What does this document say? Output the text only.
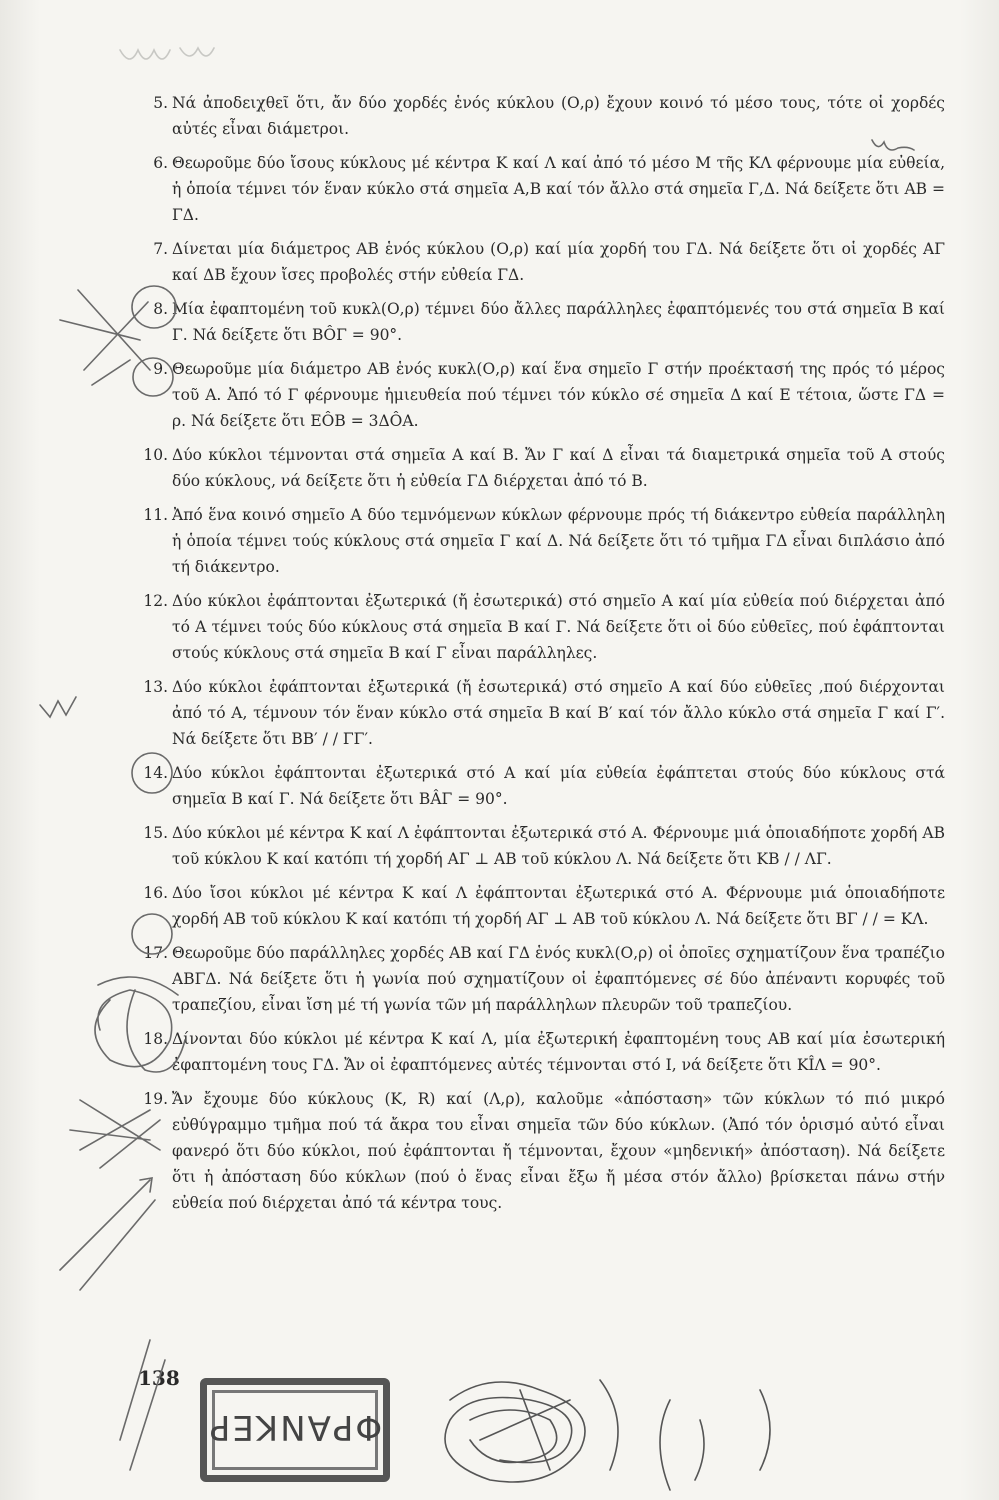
5. Νά ἀποδειχθεῖ ὅτι, ἄν δύο χορδές ἑνός κύκλου (Ο,ρ) ἔχουν κοινό τό μέσο τους, τότε οἱ χορδές αὐτές εἶναι διάμετροι.
6. Θεωροῦμε δύο ἴσους κύκλους μέ κέντρα Κ καί Λ καί ἀπό τό μέσο Μ τῆς ΚΛ φέρνουμε μία εὐθεία, ἡ ὁποία τέμνει τόν ἕναν κύκλο στά σημεῖα Α,Β καί τόν ἄλλο στά σημεῖα Γ,Δ. Νά δείξετε ὅτι ΑΒ = ΓΔ.
7. Δίνεται μία διάμετρος ΑΒ ἑνός κύκλου (Ο,ρ) καί μία χορδή του ΓΔ. Νά δείξετε ὅτι οἱ χορδές ΑΓ καί ΔΒ ἔχουν ἴσες προβολές στήν εὐθεία ΓΔ.
8. Μία ἐφαπτομένη τοῦ κυκλ(Ο,ρ) τέμνει δύο ἄλλες παράλληλες ἐφαπτόμενές του στά σημεῖα Β καί Γ. Νά δείξετε ὅτι ΒÔΓ = 90°.
9. Θεωροῦμε μία διάμετρο ΑΒ ἑνός κυκλ(Ο,ρ) καί ἕνα σημεῖο Γ στήν προέκτασή της πρός τό μέρος τοῦ Α. Ἀπό τό Γ φέρνουμε ἡμιευθεία πού τέμνει τόν κύκλο σέ σημεῖα Δ καί Ε τέτοια, ὥστε ΓΔ = ρ. Νά δείξετε ὅτι ΕÔΒ = 3ΔÔΑ.
10. Δύο κύκλοι τέμνονται στά σημεῖα Α καί Β. Ἄν Γ καί Δ εἶναι τά διαμετρικά σημεῖα τοῦ Α στούς δύο κύκλους, νά δείξετε ὅτι ἡ εὐθεία ΓΔ διέρχεται ἀπό τό Β.
11. Ἀπό ἕνα κοινό σημεῖο Α δύο τεμνόμενων κύκλων φέρνουμε πρός τή διάκεντρο εὐθεία παράλληλη ἡ ὁποία τέμνει τούς κύκλους στά σημεῖα Γ καί Δ. Νά δείξετε ὅτι τό τμῆμα ΓΔ εἶναι διπλάσιο ἀπό τή διάκεντρο.
12. Δύο κύκλοι ἐφάπτονται ἐξωτερικά (ἤ ἐσωτερικά) στό σημεῖο Α καί μία εὐθεία πού διέρχεται ἀπό τό Α τέμνει τούς δύο κύκλους στά σημεῖα Β καί Γ. Νά δείξετε ὅτι οἱ δύο εὐθεῖες, πού ἐφάπτονται στούς κύκλους στά σημεῖα Β καί Γ εἶναι παράλληλες.
13. Δύο κύκλοι ἐφάπτονται ἐξωτερικά (ἤ ἐσωτερικά) στό σημεῖο Α καί δύο εὐθεῖες ,πού διέρχονται ἀπό τό Α, τέμνουν τόν ἕναν κύκλο στά σημεῖα Β καί Β′ καί τόν ἄλλο κύκλο στά σημεῖα Γ καί Γ′. Νά δείξετε ὅτι ΒΒ′ / / ΓΓ′.
14. Δύο κύκλοι ἐφάπτονται ἐξωτερικά στό Α καί μία εὐθεία ἐφάπτεται στούς δύο κύκλους στά σημεῖα Β καί Γ. Νά δείξετε ὅτι ΒÂΓ = 90°.
15. Δύο κύκλοι μέ κέντρα Κ καί Λ ἐφάπτονται ἐξωτερικά στό Α. Φέρνουμε μιά ὁποιαδήποτε χορδή ΑΒ τοῦ κύκλου Κ καί κατόπι τή χορδή ΑΓ ⊥ ΑΒ τοῦ κύκλου Λ. Νά δείξετε ὅτι ΚΒ / / ΛΓ.
16. Δύο ἴσοι κύκλοι μέ κέντρα Κ καί Λ ἐφάπτονται ἐξωτερικά στό Α. Φέρνουμε μιά ὁποιαδήποτε χορδή ΑΒ τοῦ κύκλου Κ καί κατόπι τή χορδή ΑΓ ⊥ ΑΒ τοῦ κύκλου Λ. Νά δείξετε ὅτι ΒΓ / / = ΚΛ.
17. Θεωροῦμε δύο παράλληλες χορδές ΑΒ καί ΓΔ ἑνός κυκλ(Ο,ρ) οἱ ὁποῖες σχηματίζουν ἕνα τραπέζιο ΑΒΓΔ. Νά δείξετε ὅτι ἡ γωνία πού σχηματίζουν οἱ ἐφαπτόμενες σέ δύο ἀπέναντι κορυφές τοῦ τραπεζίου, εἶναι ἴση μέ τή γωνία τῶν μή παράλληλων πλευρῶν τοῦ τραπεζίου.
18. Δίνονται δύο κύκλοι μέ κέντρα Κ καί Λ, μία ἐξωτερική ἐφαπτομένη τους ΑΒ καί μία ἐσωτερική ἐφαπτομένη τους ΓΔ. Ἄν οἱ ἐφαπτόμενες αὐτές τέμνονται στό Ι, νά δείξετε ὅτι ΚÎΛ = 90°.
19. Ἄν ἔχουμε δύο κύκλους (Κ, R) καί (Λ,ρ), καλοῦμε «ἀπόσταση» τῶν κύκλων τό πιό μικρό εὐθύγραμμο τμῆμα πού τά ἄκρα του εἶναι σημεῖα τῶν δύο κύκλων. (Ἀπό τόν ὁρισμό αὐτό εἶναι φανερό ὅτι δύο κύκλοι, πού ἐφάπτονται ἤ τέμνονται, ἔχουν «μηδενική» ἀπόσταση). Νά δείξετε ὅτι ἡ ἀπόσταση δύο κύκλων (πού ὁ ἕνας εἶναι ἔξω ἤ μέσα στόν ἄλλο) βρίσκεται πάνω στήν εὐθεία πού διέρχεται ἀπό τά κέντρα τους.
138
ΦΡΑΝΚΕΡ
